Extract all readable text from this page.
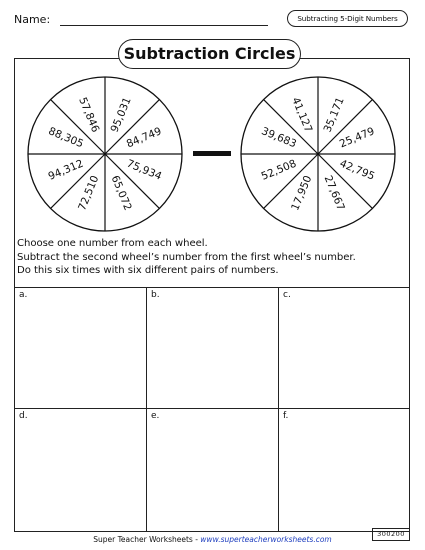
Name:	Subtracting 5-Digit Numbers
Subtraction Circles
95,031
84,749
75,934
65,072
72,510
94,312
88,305
57,846	35,171
25,479
42,795
27,667
17,950
52,508
39,683
41,127
Choose one number from each wheel.
Subtract the second wheel’s number from the first wheel’s number.
Do this six times with six different pairs of numbers.
a.	b.	c.
d.	e.	f.
Super Teacher Worksheets - www.superteacherworksheets.com
300200
